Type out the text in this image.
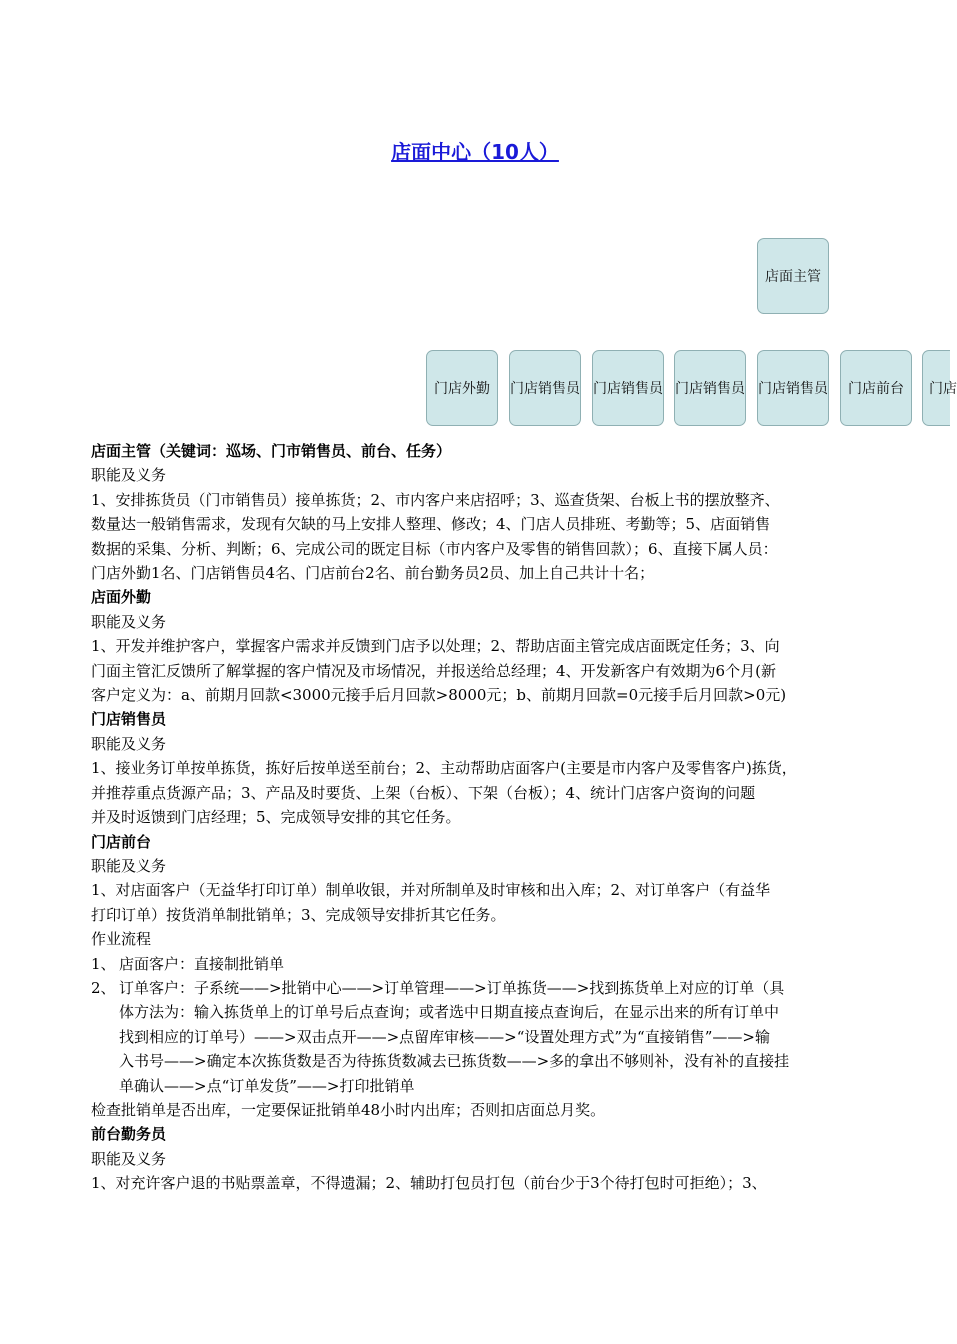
店面中心（10人）
店面主管
门店外勤	门店销售员 门店销售员 门店销售员 门店销售员	门店前台	门店

店面主管（关键词：巡场、门市销售员、前台、任务）

职能及义务

1、安排拣货员（门市销售员）接单拣货；2、市内客户来店招呼；3、巡查货架、台板上书的摆放整齐、

数量达一般销售需求，发现有欠缺的马上安排人整理、修改；4、门店人员排班、考勤等；5、店面销售

数据的采集、分析、判断；6、完成公司的既定目标（市内客户及零售的销售回款）；6、直接下属人员：

门店外勤1名、门店销售员4名、门店前台2名、前台勤务员2员、加上自己共计十名；

店面外勤

职能及义务

1、开发并维护客户，掌握客户需求并反馈到门店予以处理；2、帮助店面主管完成店面既定任务；3、向

门面主管汇反馈所了解掌握的客户情况及市场情况，并报送给总经理；4、开发新客户有效期为6个月(新

客户定义为：a、前期月回款<3000元接手后月回款>8000元；b、前期月回款=0元接手后月回款>0元)

门店销售员

职能及义务

1、接业务订单按单拣货，拣好后按单送至前台；2、主动帮助店面客户(主要是市内客户及零售客户)拣货，

并推荐重点货源产品；3、产品及时要货、上架（台板）、下架（台板）；4、统计门店客户资询的问题

并及时返馈到门店经理；5、完成领导安排的其它任务。

门店前台

职能及义务

1、对店面客户（无益华打印订单）制单收银，并对所制单及时审核和出入库；2、对订单客户（有益华

打印订单）按货消单制批销单；3、完成领导安排折其它任务。

作业流程

1、 店面客户：直接制批销单

2、 订单客户：子系统——>批销中心——>订单管理——>订单拣货——>找到拣货单上对应的订单（具

体方法为：输入拣货单上的订单号后点查询；或者选中日期直接点查询后，在显示出来的所有订单中

找到相应的订单号）——>双击点开——>点留库审核——>“设置处理方式”为“直接销售”——>输

入书号——>确定本次拣货数是否为待拣货数减去已拣货数——>多的拿出不够则补，没有补的直接挂

单确认——>点“订单发货”——>打印批销单

检查批销单是否出库，一定要保证批销单48小时内出库；否则扣店面总月奖。

前台勤务员

职能及义务

1、对充许客户退的书贴票盖章，不得遗漏；2、辅助打包员打包（前台少于3个待打包时可拒绝）；3、
